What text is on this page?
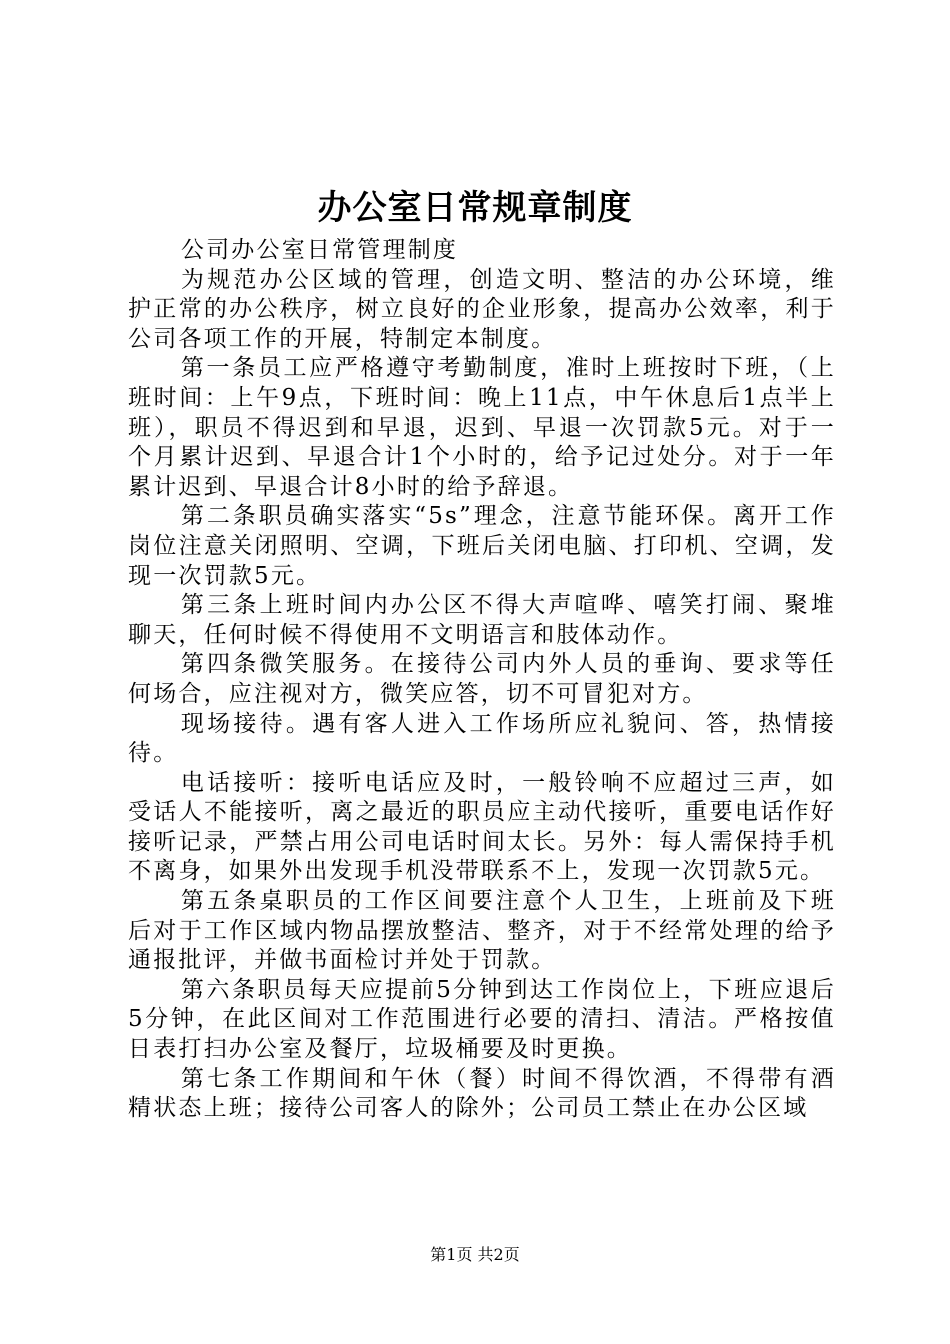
办公室日常规章制度

公司办公室日常管理制度

为规范办公区域的管理，创造文明、整洁的办公环境，维护正常的办公秩序，树立良好的企业形象，提高办公效率，利于公司各项工作的开展，特制定本制度。

第一条员工应严格遵守考勤制度，准时上班按时下班，（上班时间：上午9点，下班时间：晚上11点，中午休息后1点半上班），职员不得迟到和早退，迟到、早退一次罚款5元。对于一个月累计迟到、早退合计1个小时的，给予记过处分。对于一年累计迟到、早退合计8小时的给予辞退。

第二条职员确实落实“5s”理念，注意节能环保。离开工作岗位注意关闭照明、空调，下班后关闭电脑、打印机、空调，发现一次罚款5元。

第三条上班时间内办公区不得大声喧哗、嘻笑打闹、聚堆聊天，任何时候不得使用不文明语言和肢体动作。

第四条微笑服务。在接待公司内外人员的垂询、要求等任何场合，应注视对方，微笑应答，切不可冒犯对方。

现场接待。遇有客人进入工作场所应礼貌问、答，热情接待。

电话接听：接听电话应及时，一般铃响不应超过三声，如受话人不能接听，离之最近的职员应主动代接听，重要电话作好接听记录，严禁占用公司电话时间太长。另外：每人需保持手机不离身，如果外出发现手机没带联系不上，发现一次罚款5元。

第五条桌职员的工作区间要注意个人卫生，上班前及下班后对于工作区域内物品摆放整洁、整齐，对于不经常处理的给予通报批评，并做书面检讨并处于罚款。

第六条职员每天应提前5分钟到达工作岗位上，下班应退后5分钟，在此区间对工作范围进行必要的清扫、清洁。严格按值日表打扫办公室及餐厅，垃圾桶要及时更换。

第七条工作期间和午休（餐）时间不得饮酒，不得带有酒精状态上班；接待公司客人的除外；公司员工禁止在办公区域

第1页 共2页
